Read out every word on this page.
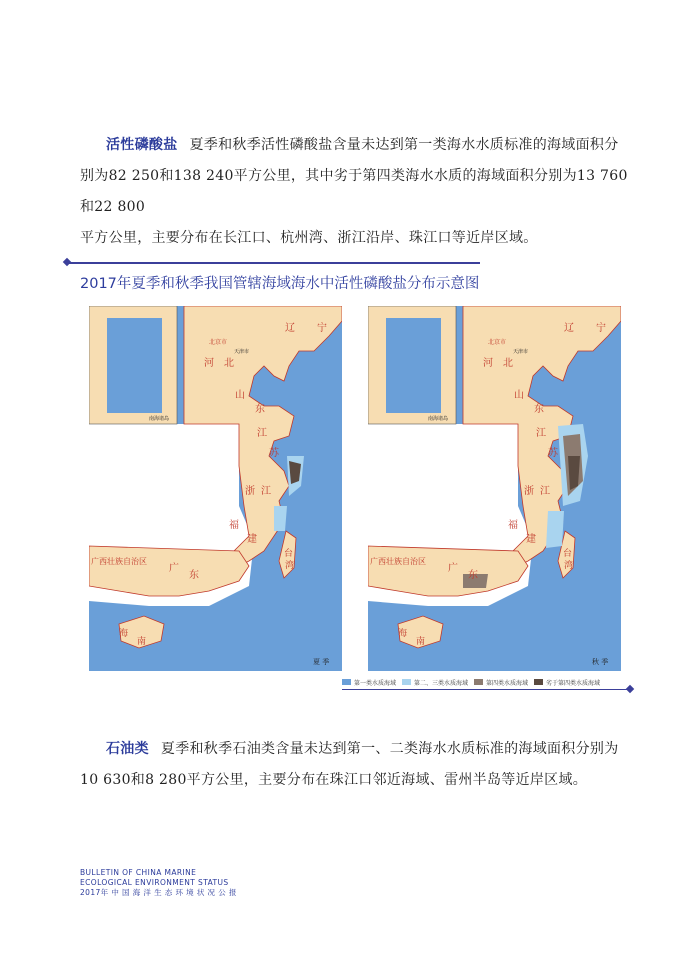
活性磷酸盐 夏季和秋季活性磷酸盐含量未达到第一类海水水质标准的海域面积分
别为82 250和138 240平方公里，其中劣于第四类海水水质的海域面积分别为13 760和22 800
平方公里，主要分布在长江口、杭州湾、浙江沿岸、珠江口等近岸区域。
2017年夏季和秋季我国管辖海域海水中活性磷酸盐分布示意图
南海诸岛
北京市
天津市
辽 宁
河 北
山
东
江
苏
浙 江
福
建
广
东
台
湾
海
南
广西壮族自治区
夏 季
南海诸岛
北京市
天津市
辽 宁
河 北
山
东
江
苏
浙 江
福
建
广
东
台
湾
海
南
广西壮族自治区
秋 季
第一类水质海域	第二、三类水质海域	第四类水质海域	劣于第四类水质海域
石油类 夏季和秋季石油类含量未达到第一、二类海水水质标准的海域面积分别为
10 630和8 280平方公里，主要分布在珠江口邻近海域、雷州半岛等近岸区域。
BULLETIN OF CHINA MARINE
ECOLOGICAL ENVIRONMENT STATUS
2017年 中 国 海 洋 生 态 环 境 状 况 公 报
